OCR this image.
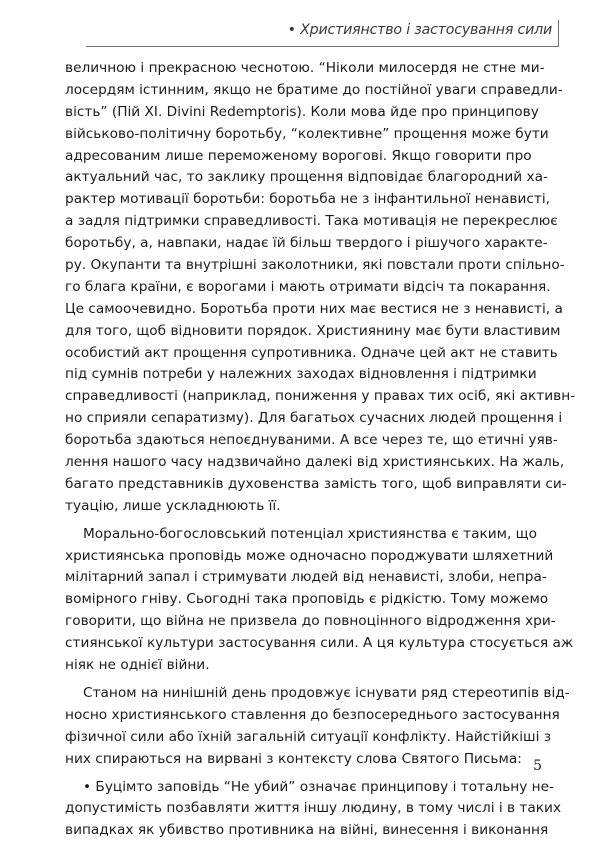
• Християнство і застосування сили
величною і прекрасною чеснотою. “Ніколи милосердя не стне ми-
лосердям істинним, якщо не братиме до постійної уваги справедли-
вість” (Пій XI. Divini Redemptoris). Коли мова йде про принципову
військово-політичну боротьбу, “колективне” прощення може бути
адресованим лише переможеному ворогові. Якщо говорити про
актуальний час, то заклику прощення відповідає благородний ха-
рактер мотивації боротьби: боротьба не з інфантильної ненависті,
а задля підтримки справедливості. Така мотивація не перекреслює
боротьбу, а, навпаки, надає їй більш твердого і рішучого характе-
ру. Окупанти та внутрішні заколотники, які повстали проти спільно-
го блага країни, є ворогами і мають отримати відсіч та покарання.
Це самоочевидно. Боротьба проти них має вестися не з ненависті, а
для того, щоб відновити порядок. Християнину має бути властивим
особистий акт прощення супротивника. Одначе цей акт не ставить
під сумнів потреби у належних заходах відновлення і підтримки
справедливості (наприклад, пониження у правах тих осіб, які активн-
но сприяли сепаратизму). Для багатьох сучасних людей прощення і
боротьба здаються непоєднуваними. А все через те, що етичні уяв-
лення нашого часу надзвичайно далекі від християнських. На жаль,
багато представників духовенства замість того, щоб виправляти си-
туацію, лише ускладнюють її.
Морально-богословський потенціал християнства є таким, що
християнська проповідь може одночасно породжувати шляхетний
мілітарний запал і стримувати людей від ненависті, злоби, непра-
вомірного гніву. Сьогодні така проповідь є рідкістю. Тому можемо
говорити, що війна не призвела до повноцінного відродження хри-
стиянської культури застосування сили. А ця культура стосується аж
ніяк не однієї війни.
Станом на нинішній день продовжує існувати ряд стереотипів від-
носно християнського ставлення до безпосереднього застосування
фізичної сили або їхній загальній ситуації конфлікту. Найстійкіші з
них спираються на вирвані з контексту слова Святого Письма:
• Буцімто заповідь “Не убий” означає принципову і тотальну не-
допустимість позбавляти життя іншу людину, в тому числі і в таких
випадках як убивство противника на війні, винесення і виконання
5
